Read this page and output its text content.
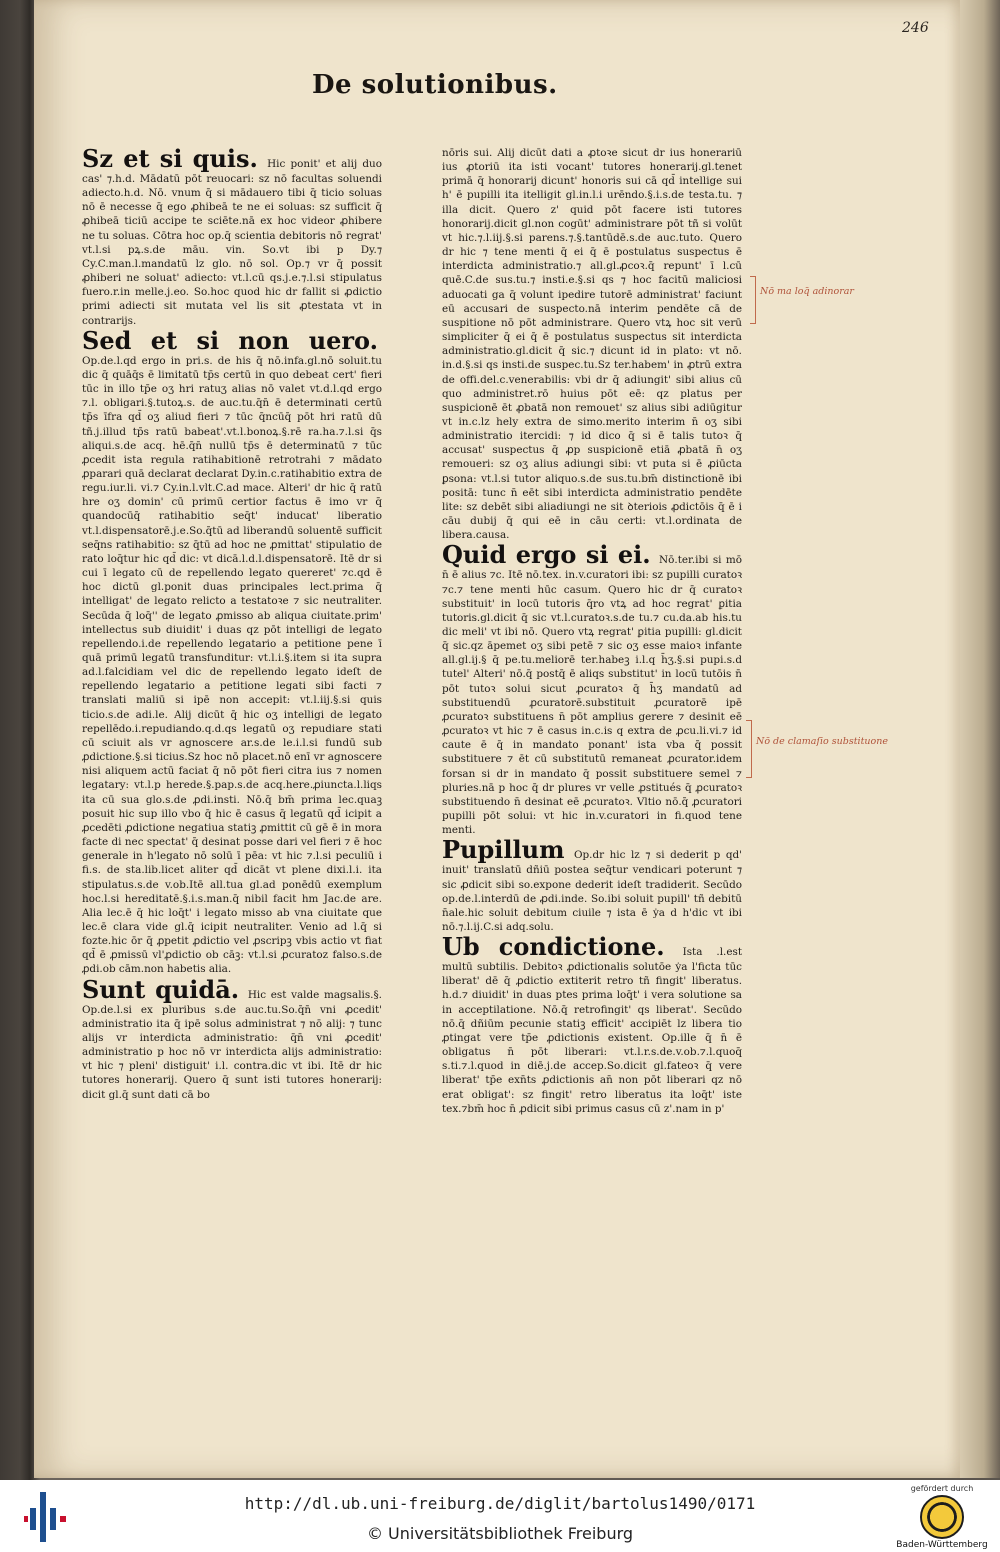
246
De solutionibus.

Sz et si quis. Hic ponit' et alij duo cas' ⁊.h.d. Mādatū pōt reuocari: sz nō facultas soluendi adiecto.h.d. Nō. vnum q̄ si mādauero tibi q̄ ticio soluas nō ē necesse q̄ ego ꝓhibeā te ne ei soluas: sz sufficit q̄ ꝓhibeā ticiū accipe te sciēte.nā ex hoc videor ꝓhibere ne tu soluas. Cōtra hoc op.q̄ scientia debitoris nō regrat' vt.l.si pꝝ.s.de māu. vin. So.vt ibi p Dy.⁊ Cy.C.man.l.mandatū lz glo. nō sol. Op.⁊ vr q̄ possit ꝓhiberi ne soluat' adiecto: vt.l.cū qs.j.e.⁊.l.si stipulatus fuero.r.in melle.j.eo. So.hoc quod hic dr fallit si ꝓdictio primi adiecti sit mutata vel lis sit ꝓtestata vt in contrarijs.

Sed et si non uero. Op.de.l.qd ergo in pri.s. de his q̄ nō.infa.gl.nō soluit.tu dic q̄ quāq̄s ē limitatū tp̄s certū in quo debeat cert' fieri tūc in illo tp̄e oʒ hri ratuʒ alias nō valet vt.d.l.qd ergo ⁊.l. obligari.§.tutoꝝ.s. de auc.tu.q̄n̄ ē determinati certū tp̄s īfra qd̄ oʒ aliud fieri ⁊ tūc q̄ncūq̄ pōt hri ratū dū tñ.j.illud tp̄s ratū babeat'.vt.l.bonoꝝ.§.rē ra.ha.⁊.l.si q̄s aliqui.s.de acq. hē.q̄n̄ nullū tp̄s ē determinatū ⁊ tūc ꝓcedit ista regula ratihabitionē retrotrahi ⁊ mādato ꝓparari quā declarat declarat Dy.in.c.ratihabitio extra de regu.iur.li. vi.⁊ Cy.in.l.vlt.C.ad mace. Alteri' dr hic q̄ ratū hre oʒ domin' cū primū certior factus ē imo vr q̄ quandocūq̄ ratihabitio seq̄t' inducat' liberatio vt.l.dispensatorē.j.e.So.q̄tū ad liberandū soluentē sufficit seq̄ns ratihabitio: sz q̄tū ad hoc ne ꝓmittat' stipulatio de rato loq̄tur hic qd̄ dic: vt dicā.l.d.l.dispensatorē. Itē dr si cui ī legato cū de repellendo legato quereret' ⁊c.qd ē hoc dictū gl.ponit duas principales lect.prima q̄ intelligat' de legato relicto a testatoꝛe ⁊ sic neutraliter. Secūda q̄ loq̄'' de legato ꝓmisso ab aliqua ciuitate.prim' intellectus sub diuidit' i duas qz pōt intelligi de legato repellendo.i.de repellendo legatario a petitione pene ī quā primū legatū transfunditur: vt.l.i.§.item si ita supra ad.l.falcidiam vel dic de repellendo legato ideſt de repellendo legatario a petitione legati sibi facti ⁊ translati maliū si ipē non accepit: vt.l.iij.§.si quis ticio.s.de adi.le. Alij dicūt q̄ hic oʒ intelligi de legato repellēdo.i.repudiando.q.d.qs legatū oʒ repudiare stati cū sciuit als vr agnoscere ar.s.de le.i.l.si fundū sub ꝓdictione.§.si ticius.Sz hoc nō placet.nō enī vr agnoscere nisi aliquem actū faciat q̄ nō pōt fieri citra ius ⁊ nomen legatary: vt.l.p herede.§.pap.s.de acq.here.ꝓiuncta.l.liqs ita cū sua glo.s.de ꝓdi.insti. Nō.q̄ bm̄ prima lec.quaꝫ posuit hic sup illo vbo q̄ hic ē casus q̄ legatū qd̄ icipit a ꝓcedēti ꝓdictione negatiua statiꝫ ꝓmittit cū gē ē in mora facte di nec spectat' q̄ desinat posse dari vel fieri ⁊ ē hoc generale in h'legato nō solū ī pēa: vt hic ⁊.l.si peculiū i fi.s. de sta.lib.licet aliter qd̄ dicāt vt plene dixi.l.i. ita stipulatus.s.de v.ob.Itē all.tua gl.ad ponēdū exemplum hoc.l.si hereditatē.§.i.s.man.q̄ nibil facit hm Jac.de are. Alia lec.ē q̄ hic loq̄t' i legato misso ab vna ciuitate que lec.ē clara vide gl.q̄ icipit neutraliter. Venio ad l.q̄ si fozte.hic ōr q̄ ꝓpetit ꝓdictio vel ꝓscripꝫ vbis actio vt fiat qd̄ ē ꝓmissū vl'ꝓdictio ob cāꝫ: vt.l.si ꝓcuratoz falso.s.de ꝓdi.ob cām.non habetis alia.

Sunt quidā. Hic est valde magsalis.§. Op.de.l.si ex pluribus s.de auc.tu.So.q̄n̄ vni ꝓcedit' administratio ita q̄ ipē solus administrat ⁊ nō alij: ⁊ tunc alijs vr interdicta administratio: q̄n̄ vni ꝓcedit' administratio p hoc nō vr interdicta alijs administratio: vt hic ⁊ pleni' distiguit' i.l. contra.dic vt ibi. Itē dr hic tutores honerarij. Quero q̄ sunt isti tutores honerarij: dicit gl.q̄ sunt dati cā bo

nōris sui. Alij dicūt dati a ꝓtoꝛe sicut dr ius honerariū ius ꝓtoriū ita isti vocant' tutores honerarij.gl.tenet primā q̄ honorarij dicunt' honoris sui cā qd̄ intellige sui h' ē pupilli ita itelligit gl.in.l.i urēndo.§.i.s.de testa.tu. ⁊ illa dicit. Quero z' quid pōt facere isti tutores honorarij.dicit gl.non cogūt' administrare pōt tñ si volūt vt hic.⁊.l.iij.§.si parens.⁊.§.tantūdē.s.de auc.tuto. Quero dr hic ⁊ tene menti q̄ ei q̄ ē postulatus suspectus ē interdicta administratio.⁊ all.gl.ꝓcoꝛ.q̄ repunt' ī l.cū quē.C.de sus.tu.⁊ insti.e.§.si qs ⁊ hoc facitū maliciosi aduocati ga q̄ volunt ipedire tutorē administrat' faciunt eū accusari de suspecto.nā interim pendēte cā de suspitione nō pōt administrare. Quero vtꝝ hoc sit verū simpliciter q̄ ei q̄ ē postulatus suspectus sit interdicta administratio.gl.dicit q̄ sic.⁊ dicunt id in plato: vt nō. in.d.§.si qs insti.de suspec.tu.Sz ter.habem' in ꝓtrū extra de offi.del.c.venerabilis: vbi dr q̄ adiungit' sibi alius cū quo administret.rō huius pōt eē: qz platus per suspicionē ēt ꝓbatā non remouet' sz alius sibi adiūgitur vt in.c.lz hely extra de simo.merito interim n̄ oʒ sibi administratio itercidi: ⁊ id dico q̄ si ē talis tutoꝛ q̄ accusat' suspectus q̄ ꝓp suspicionē etiā ꝓbatā n̄ oʒ remoueri: sz oʒ alius adiungi sibi: vt puta si ē ꝓiūcta ꝑsona: vt.l.si tutor aliquo.s.de sus.tu.bm̄ distinctionē ibi positā: tunc n̄ eēt sibi interdicta administratio pendēte lite: sz debēt sibi aliadiungi ne sit ꝺteriois ꝓdictōis q̄ ē i cāu dubij q̄ qui eē in cāu certi: vt.l.ordinata de libera.causa.

Quid ergo si ei. Nō.ter.ibi si mō n̄ ē alius ⁊c. Itē nō.tex. in.v.curatori ibi: sz pupilli curatoꝛ ⁊c.⁊ tene menti hūc casum. Quero hic dr q̄ curatoꝛ substituit' in locū tutoris q̄ro vtꝝ ad hoc regrat' ꝑitia tutoris.gl.dicit q̄ sic vt.l.curatoꝛ.s.de tu.⁊ cu.da.ab his.tu dic meli' vt ibi nō. Quero vtꝝ regrat' ꝑitia pupilli: gl.dicit q̄ sic.qz āpemet oʒ sibi petē ⁊ sic oʒ esse maioꝛ infante all.gl.ij.§ q̄ pe.tu.meliorē ter.habeꝫ i.l.q h̄ʒ.§.si pupi.s.d tutel' Alteri' nō.q̄ postq̄ ē aliqs substitut' in locū tutōis n̄ pōt tutoꝛ solui sicut ꝓcuratoꝛ q̄ h̄ʒ mandatū ad substituendū ꝓcuratorē.substituit ꝓcuratorē ipē ꝓcuratoꝛ substituens n̄ pōt amplius gerere ⁊ desinit eē ꝓcuratoꝛ vt hic ⁊ ē casus in.c.is q extra de ꝓcu.li.vi.⁊ id caute ē q̄ in mandato ponant' ista vba q̄ possit substituere ⁊ ēt cū substitutū remaneat ꝓcurator.idem forsan si dr in mandato q̄ possit substituere semel ⁊ pluries.nā p hoc q̄ dr plures vr velle ꝓstitués q̄ ꝓcuratoꝛ substituendo n̄ desinat eē ꝓcuratoꝛ. Vltio nō.q̄ ꝓcuratori pupilli pōt solui: vt hic in.v.curatori in fi.quod tene menti.

Pupillum Op.dr hic lz ⁊ si dederit p qd' inuit' translatū dñiū postea seq̄tur vendicari poterunt ⁊ sic ꝓdicit sibi so.expone dederit ideſt tradiderit. Secūdo op.de.l.interdū de ꝓdi.inde. So.ibi soluit pupill' tñ debitū n̄ale.hic soluit debitum ciuile ⁊ ista ē ẏa d h'dic vt ibi nō.⁊.l.ij.C.si adq.solu.

Ub condictione. Ista .l.est multū subtilis. Debitoꝛ ꝓdictionalis solutōe ẏa l'ficta tūc liberat' dē q̄ ꝓdictio extiterit retro tñ fingit' liberatus. h.d.⁊ diuidit' in duas ptes prima loq̄t' i vera solutione sa in acceptilatione. Nō.q̄ retrofingit' qs liberat'. Secūdo nō.q̄ dñiūm pecunie statiꝫ efficit' accipiēt lz libera tio ꝓtingat vere tp̄e ꝓdictionis existent. Op.ille q̄ n̄ ē obligatus n̄ pōt liberari: vt.l.r.s.de.v.ob.⁊.l.quoq̄ s.ti.⁊.l.quod in diē.j.de accep.So.dicit gl.fateoꝛ q̄ vere liberat' tp̄e exn̄ts ꝓdictionis an̄ non pōt liberari qz nō erat obligat': sz fingit' retro liberatus ita loq̄t' iste tex.⁊bm̄ hoc n̄ ꝓdicit sibi primus casus cū z'.nam in p'

Nō ma loq̄ adinorar
Nō de clamaſio substituone
http://dl.ub.uni-freiburg.de/diglit/bartolus1490/0171
© Universitätsbibliothek Freiburg
gefördert durch
Baden-Württemberg
